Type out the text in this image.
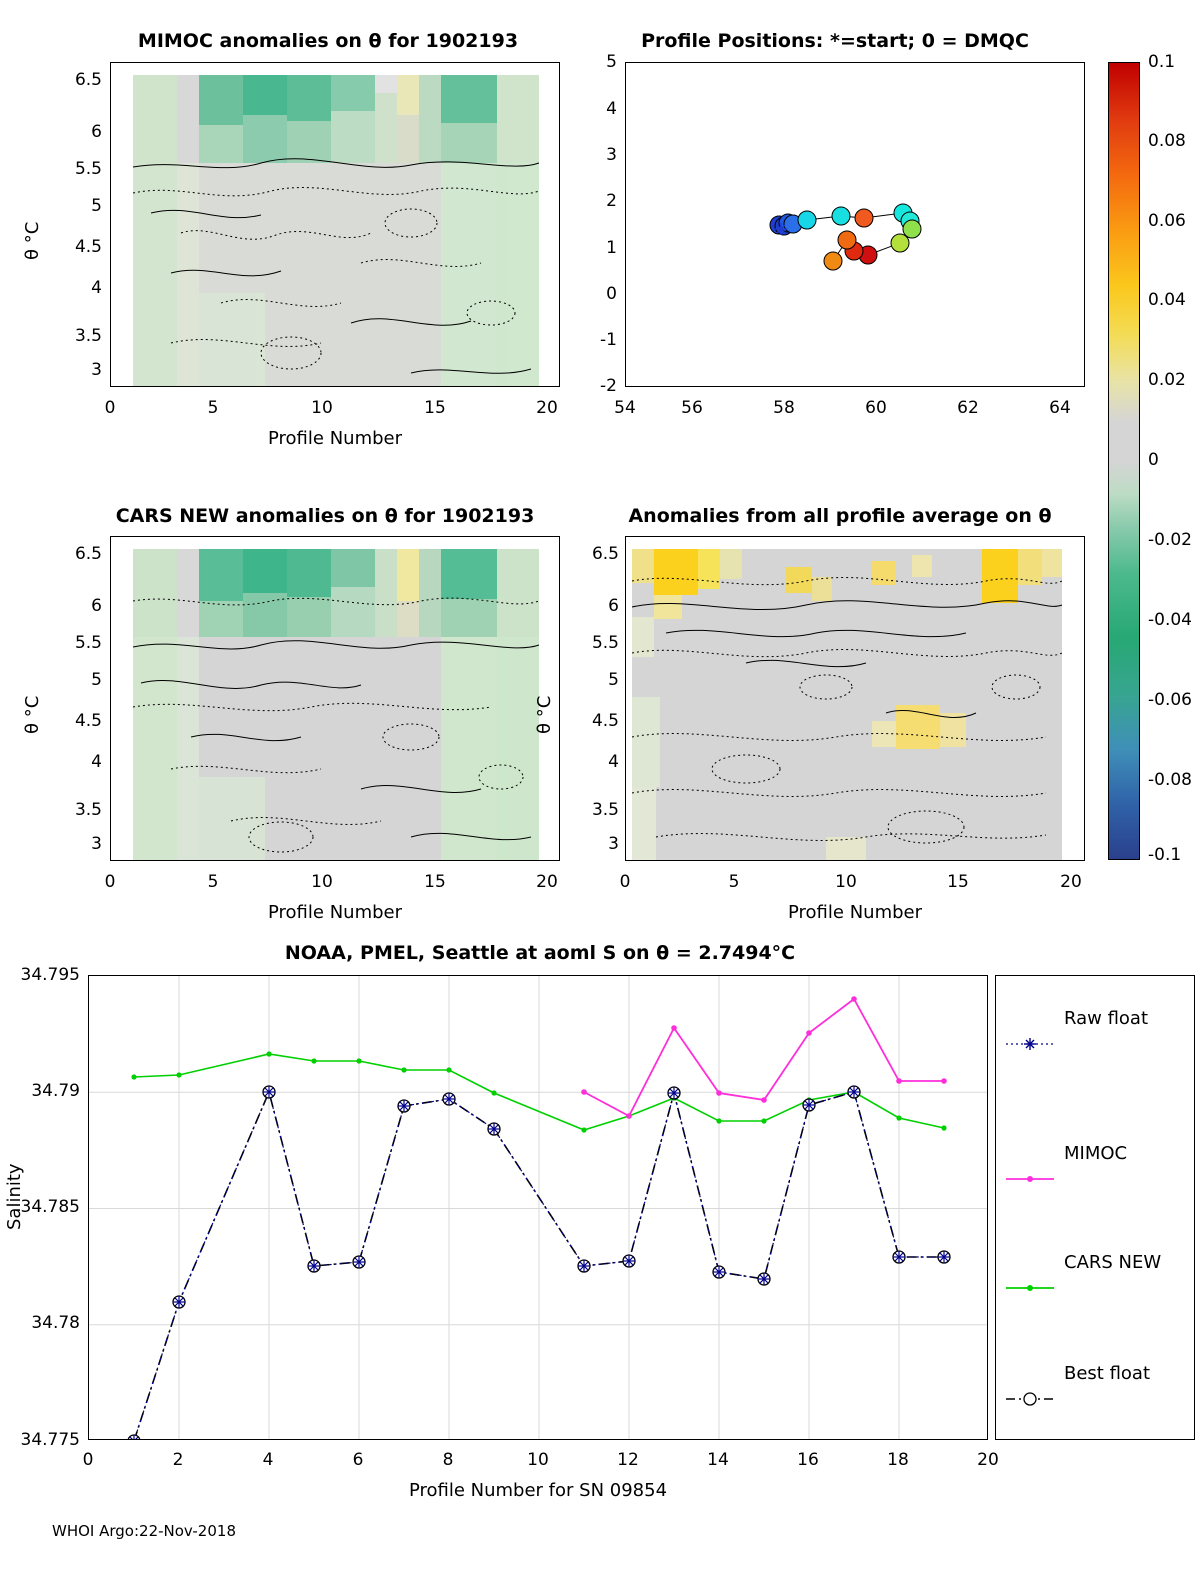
MIMOC anomalies on θ for 1902193
6.5
6
5.5
5
4.5
4
3.5
3
0	5	10	15	20
Profile Number
θ °C
Profile Positions: *=start; 0 = DMQC
5
4
3
2
1
0
-1
-2
54	56	58	60	62	64
0.1
0.08
0.06
0.04
0.02
0
-0.02
-0.04
-0.06
-0.08
-0.1
CARS NEW anomalies on θ for 1902193
6.5
6
5.5
5
4.5
4
3.5
3
0	5	10	15	20
Profile Number
θ °C
Anomalies from all profile average on θ
6.5
6
5.5
5
4.5
4
3.5
3
0	5	10	15	20
Profile Number
θ °C
NOAA, PMEL, Seattle at aoml S on θ = 2.7494°C
34.795
34.79
34.785
34.78
34.775
0	2	4	6	8	10	12	14	16	18	20
Profile Number for SN 09854
Salinity
Raw float
MIMOC
CARS NEW
Best float
WHOI Argo:22-Nov-2018
